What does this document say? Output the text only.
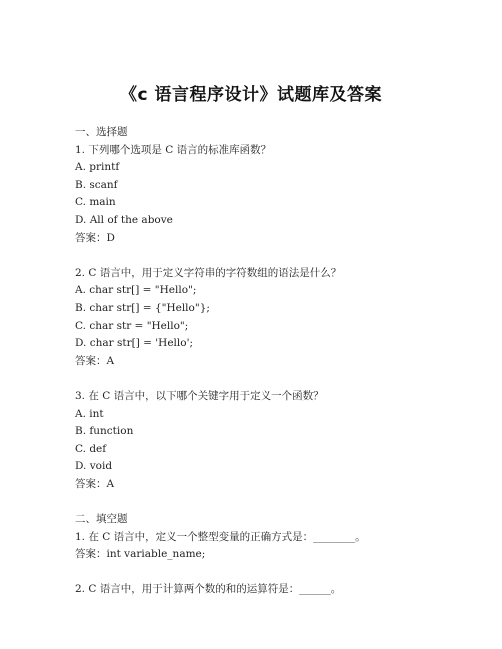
《c 语言程序设计》试题库及答案
一、选择题
1. 下列哪个选项是 C 语言的标准库函数？
A. printf
B. scanf
C. main
D. All of the above
答案：D
2. C 语言中，用于定义字符串的字符数组的语法是什么？
A. char str[] = "Hello";
B. char str[] = {"Hello"};
C. char str = "Hello";
D. char str[] = 'Hello';
答案：A
3. 在 C 语言中，以下哪个关键字用于定义一个函数？
A. int
B. function
C. def
D. void
答案：A
二、填空题
1. 在 C 语言中，定义一个整型变量的正确方式是：________。
答案：int variable_name;
2. C 语言中，用于计算两个数的和的运算符是：______。
